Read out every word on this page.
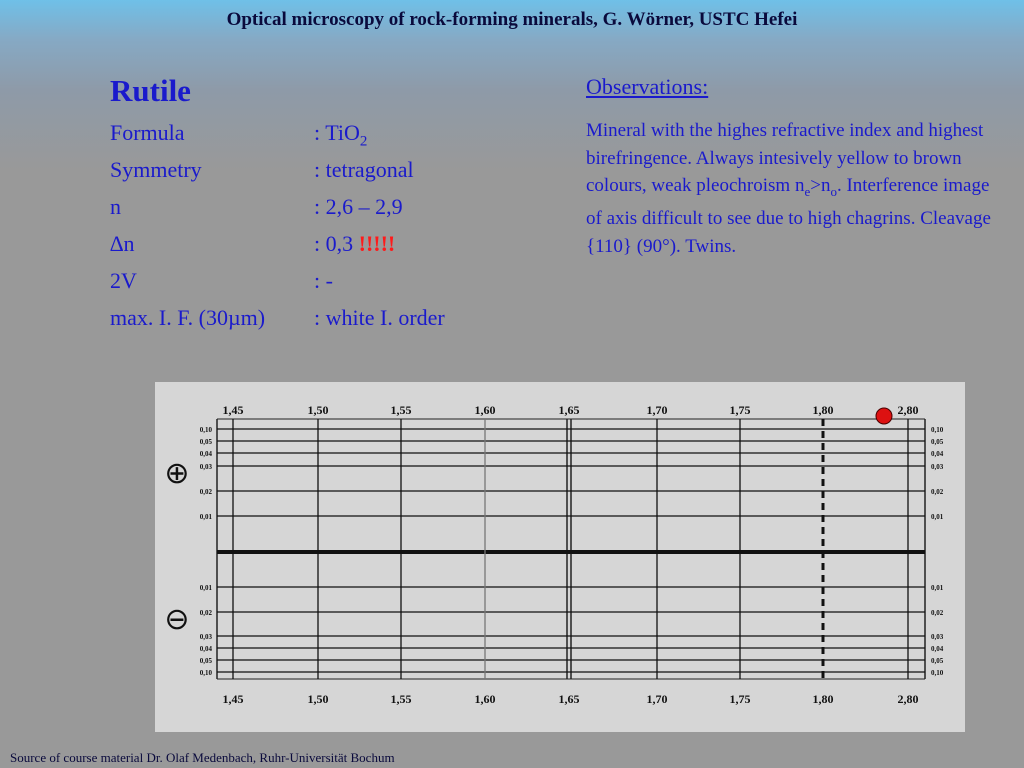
Optical microscopy of rock-forming minerals, G. Wörner, USTC Hefei
Rutile
Formula	: TiO$_2$
Symmetry	: tetragonal
n	: 2,6 – 2,9
∆n	: 0,3 !!!!!
2V	: -
max. I. F. (30µm) : white I. order
Observations:
Mineral with the highes refractive index and highest birefringence. Always intesively yellow to brown colours, weak pleochroism $n_e>n_o$. Interference image of axis difficult to see due to high chagrins. Cleavage {110} (90°). Twins.
1,45
1,45
1,50
1,50
1,55
1,55
1,60
1,60
1,65
1,65
1,70
1,70
1,75
1,75
1,80
1,80
2,80
2,80
0,10	0,10
0,05	0,05
0,04	0,04
0,03	0,03
0,02	0,02
0,01	0,01
0,01	0,01
0,02	0,02
0,03	0,03
0,04	0,04
0,05	0,05
0,10	0,10
⊕
⊖
Source of course material Dr. Olaf Medenbach, Ruhr-Universität Bochum
